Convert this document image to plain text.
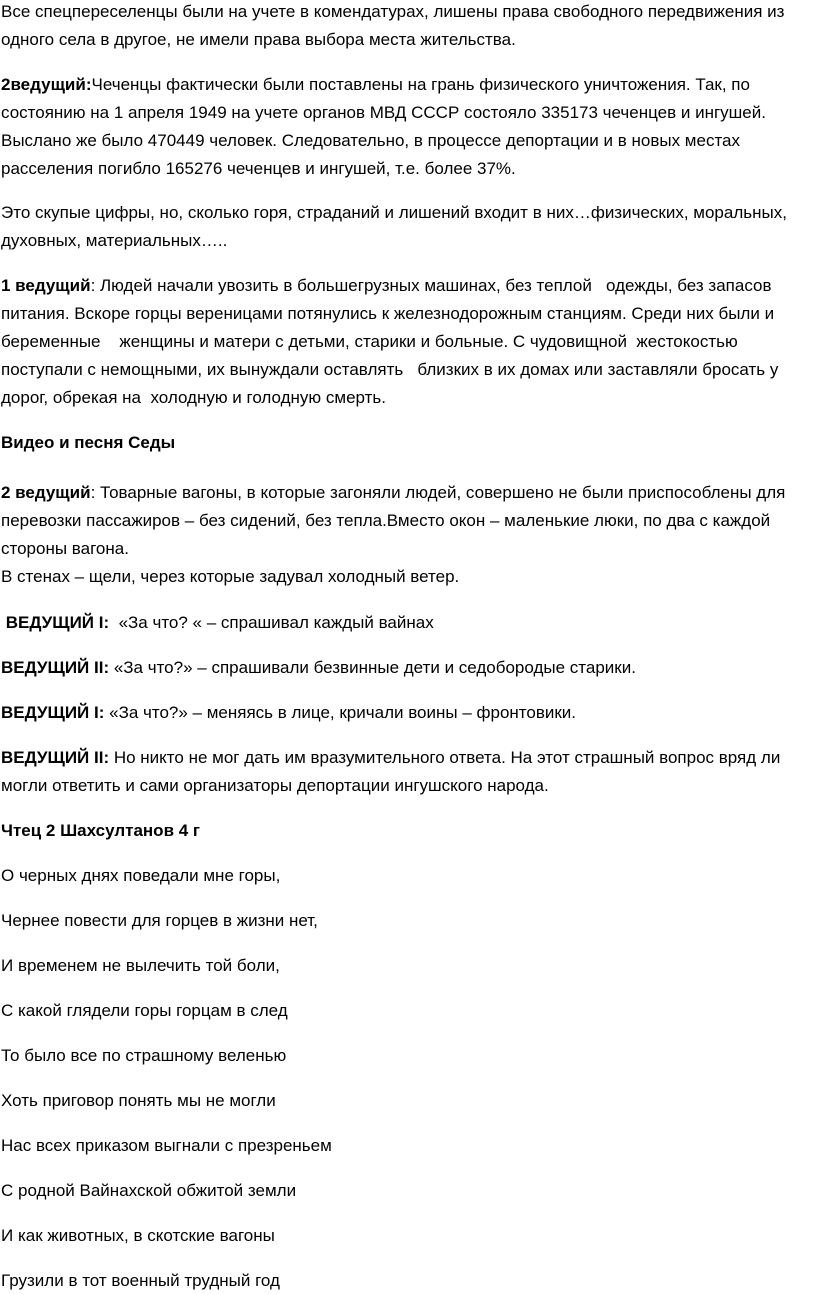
Все спецпереселенцы были на учете в комендатурах, лишены права свободного передвижения из одного села в другое, не имели права выбора места жительства.

2ведущий:Чеченцы фактически были поставлены на грань физического уничтожения. Так, по состоянию на 1 апреля 1949 на учете органов МВД СССР состояло 335173 чеченцев и ингушей. Выслано же было 470449 человек. Следовательно, в процессе депортации и в новых местах расселения погибло 165276 чеченцев и ингушей, т.е. более 37%.

Это скупые цифры, но, сколько горя, страданий и лишений входит в них…физических, моральных, духовных, материальных…..

1 ведущий: Людей начали увозить в большегрузных машинах, без теплой   одежды, без запасов питания. Вскоре горцы вереницами потянулись к железнодорожным станциям. Среди них были и беременные    женщины и матери с детьми, старики и больные. С чудовищной  жестокостью поступали с немощными, их вынуждали оставлять   близких в их домах или заставляли бросать у дорог, обрекая на  холодную и голодную смерть.

Видео и песня Седы

2 ведущий: Товарные вагоны, в которые загоняли людей, совершено не были приспособлены для перевозки пассажиров – без сидений, без тепла.Вместо окон – маленькие люки, по два с каждой стороны вагона.

В стенах – щели, через которые задувал холодный ветер.

ВЕДУЩИЙ I:  «За что? « – спрашивал каждый вайнах

ВЕДУЩИЙ II: «За что?» – спрашивали безвинные дети и седобородые старики.

ВЕДУЩИЙ I: «За что?» – меняясь в лице, кричали воины – фронтовики.

ВЕДУЩИЙ II: Но никто не мог дать им вразумительного ответа. На этот страшный вопрос вряд ли могли ответить и сами организаторы депортации ингушского народа.

Чтец 2 Шахсултанов 4 г

О черных днях поведали мне горы,

Чернее повести для горцев в жизни нет,

И временем не вылечить той боли,

С какой глядели горы горцам в след

То было все по страшному веленью

Хоть приговор понять мы не могли

Нас всех приказом выгнали с презреньем

С родной Вайнахской обжитой земли

И как животных, в скотские вагоны

Грузили в тот военный трудный год
